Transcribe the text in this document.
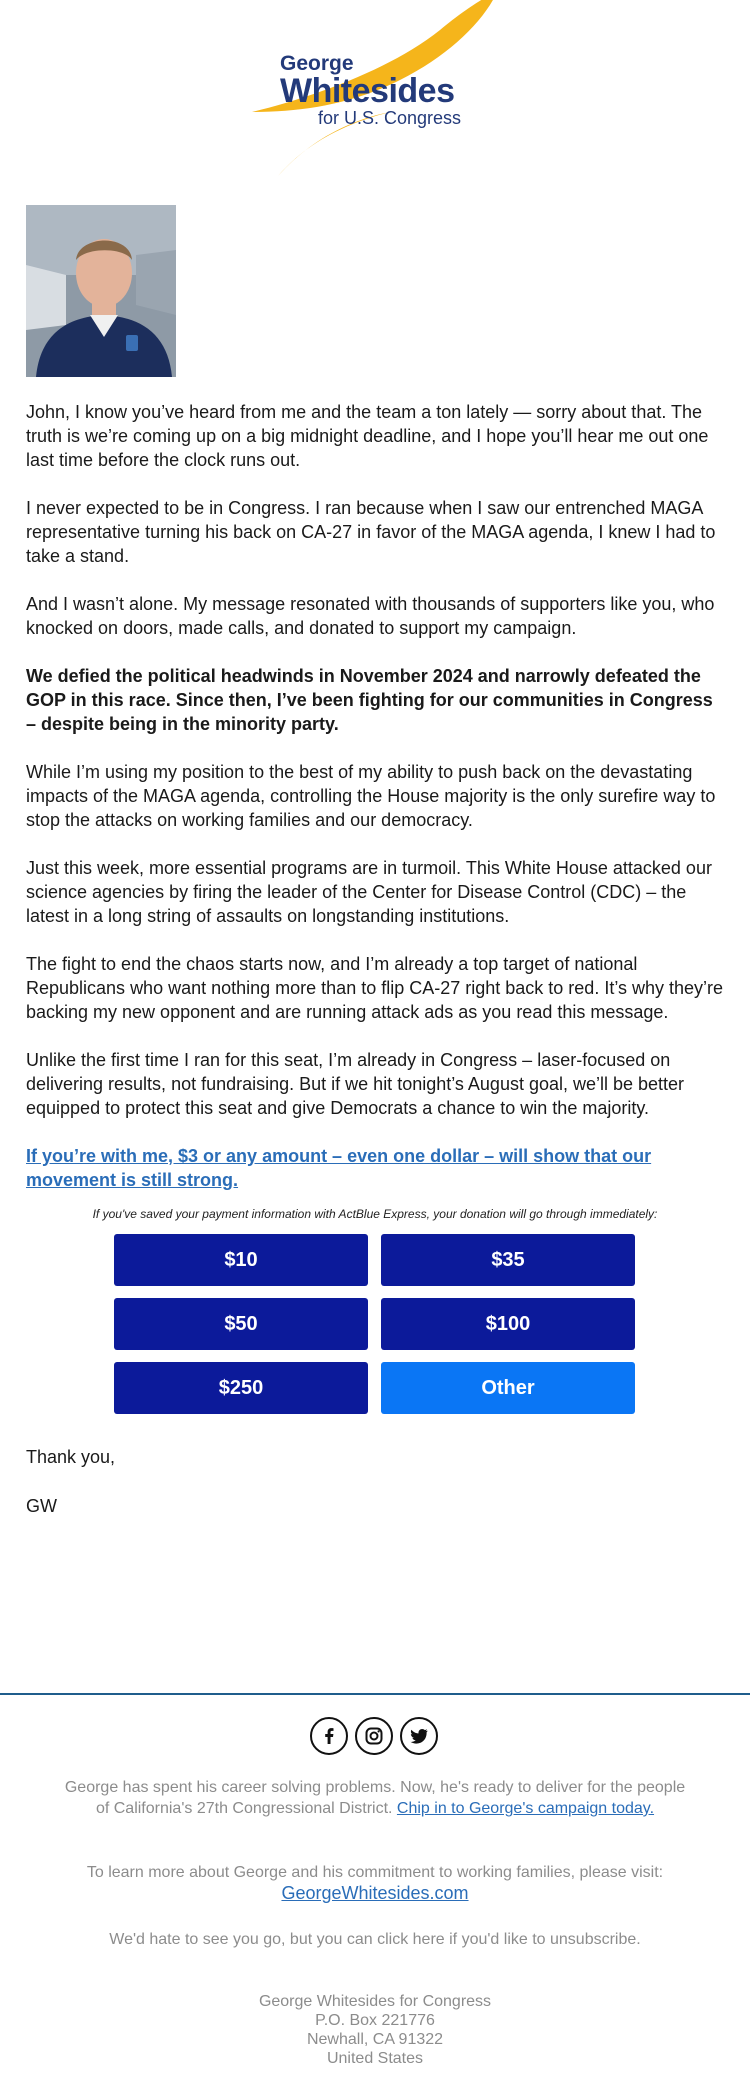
George
Whitesides
for U.S. Congress

John, I know you’ve heard from me and the team a ton lately — sorry about that. The truth is we’re coming up on a big midnight deadline, and I hope you’ll hear me out one last time before the clock runs out.

I never expected to be in Congress. I ran because when I saw our entrenched MAGA representative turning his back on CA-27 in favor of the MAGA agenda, I knew I had to take a stand.

And I wasn’t alone. My message resonated with thousands of supporters like you, who knocked on doors, made calls, and donated to support my campaign.

We defied the political headwinds in November 2024 and narrowly defeated the GOP in this race. Since then, I’ve been fighting for our communities in Congress – despite being in the minority party.

While I’m using my position to the best of my ability to push back on the devastating impacts of the MAGA agenda, controlling the House majority is the only surefire way to stop the attacks on working families and our democracy.

Just this week, more essential programs are in turmoil. This White House attacked our science agencies by firing the leader of the Center for Disease Control (CDC) – the latest in a long string of assaults on longstanding institutions.

The fight to end the chaos starts now, and I’m already a top target of national Republicans who want nothing more than to flip CA-27 right back to red. It’s why they’re backing my new opponent and are running attack ads as you read this message.

Unlike the first time I ran for this seat, I’m already in Congress – laser-focused on delivering results, not fundraising. But if we hit tonight’s August goal, we’ll be better equipped to protect this seat and give Democrats a chance to win the majority.

If you’re with me, $3 or any amount – even one dollar – will show that our movement is still strong.
If you've saved your payment information with ActBlue Express, your donation will go through immediately:
$10	$35
$50	$100
$250	Other
Thank you,
GW
George has spent his career solving problems. Now, he's ready to deliver for the people of California's 27th Congressional District. Chip in to George's campaign today.
To learn more about George and his commitment to working families, please visit:
GeorgeWhitesides.com
We'd hate to see you go, but you can click here if you'd like to unsubscribe.
George Whitesides for Congress
P.O. Box 221776
Newhall, CA 91322
United States
